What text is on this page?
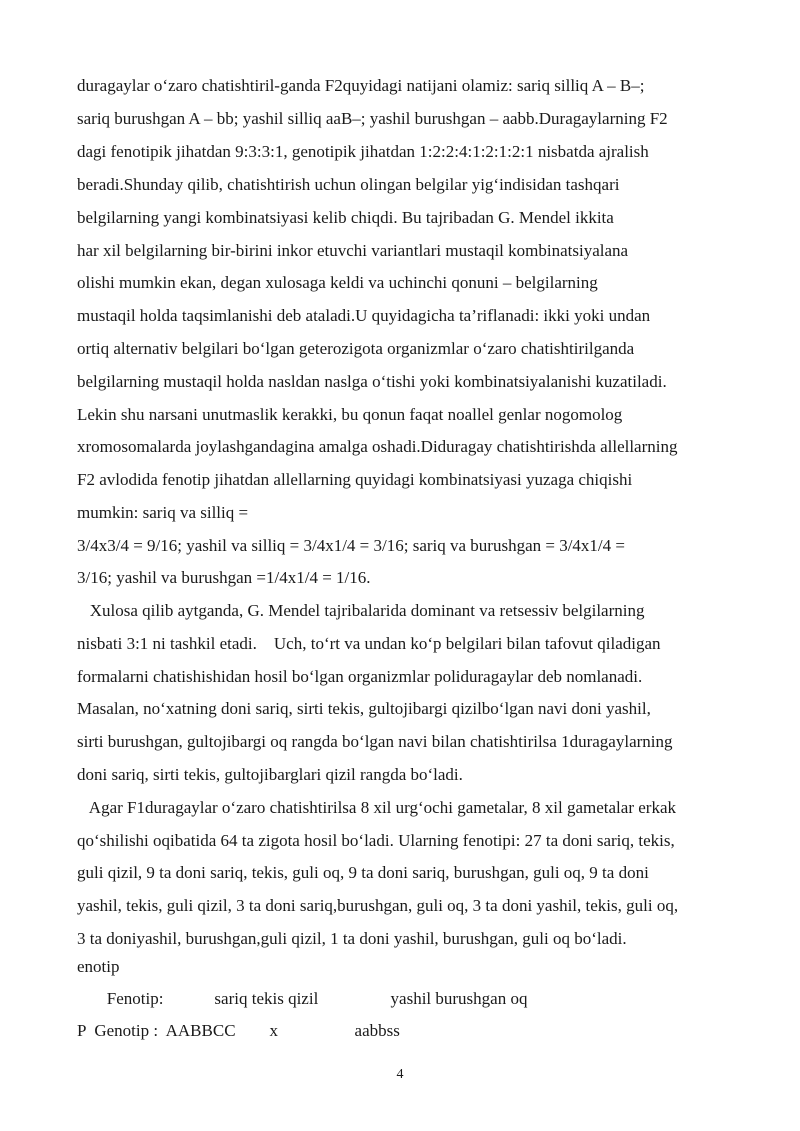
duragaylar o‘zaro chatishtiril-ganda F2quyidagi natijani olamiz: sariq silliq A – B–;

sariq burushgan A – bb; yashil silliq aaB–; yashil burushgan – aabb.Duragaylarning F2

dagi fenotipik jihatdan 9:3:3:1, genotipik jihatdan 1:2:2:4:1:2:1:2:1 nisbatda ajralish

beradi.Shunday qilib, chatishtirish uchun olingan belgilar yig‘indisidan tashqari

belgilarning yangi kombinatsiyasi kelib chiqdi. Bu tajribadan G. Mendel ikkita

har xil belgilarning bir-birini inkor etuvchi variantlari mustaqil kombinatsiyalana

olishi mumkin ekan, degan xulosaga keldi va uchinchi qonuni – belgilarning

mustaqil holda taqsimlanishi deb ataladi.U quyidagicha ta’riflanadi: ikki yoki undan

ortiq alternativ belgilari bo‘lgan geterozigota organizmlar o‘zaro chatishtirilganda

belgilarning mustaqil holda nasldan naslga o‘tishi yoki kombinatsiyalanishi kuzatiladi.

Lekin shu narsani unutmaslik kerakki, bu qonun faqat noallel genlar nogomolog

xromosomalarda joylashgandagina amalga oshadi.Diduragay chatishtirishda allellarning

F2 avlodida fenotip jihatdan allellarning quyidagi kombinatsiyasi yuzaga chiqishi

mumkin: sariq va silliq =

3/4x3/4 = 9/16; yashil va silliq = 3/4x1/4 = 3/16; sariq va burushgan = 3/4x1/4 =

3/16; yashil va burushgan =1/4x1/4 = 1/16.

Xulosa qilib aytganda, G. Mendel tajribalarida dominant va retsessiv belgilarning

nisbati 3:1 ni tashkil etadi.    Uch, to‘rt va undan ko‘p belgilari bilan tafovut qiladigan

formalarni chatishishidan hosil bo‘lgan organizmlar poliduragaylar deb nomlanadi.

Masalan, no‘xatning doni sariq, sirti tekis, gultojibargi qizilbo‘lgan navi doni yashil,

sirti burushgan, gultojibargi oq rangda bo‘lgan navi bilan chatishtirilsa 1duragaylarning

doni sariq, sirti tekis, gultojibarglari qizil rangda bo‘ladi.

Agar F1duragaylar o‘zaro chatishtirilsa 8 xil urg‘ochi gametalar, 8 xil gametalar erkak

qo‘shilishi oqibatida 64 ta zigota hosil bo‘ladi. Ularning fenotipi: 27 ta doni sariq, tekis,

guli qizil, 9 ta doni sariq, tekis, guli oq, 9 ta doni sariq, burushgan, guli oq, 9 ta doni

yashil, tekis, guli qizil, 3 ta doni sariq,burushgan, guli oq, 3 ta doni yashil, tekis, guli oq,

3 ta doniyashil, burushgan,guli qizil, 1 ta doni yashil, burushgan, guli oq bo‘ladi.

enotip

Fenotip:            sariq tekis qizil                 yashil burushgan oq

P  Genotip :  AABBCC        x                  aabbss

4
